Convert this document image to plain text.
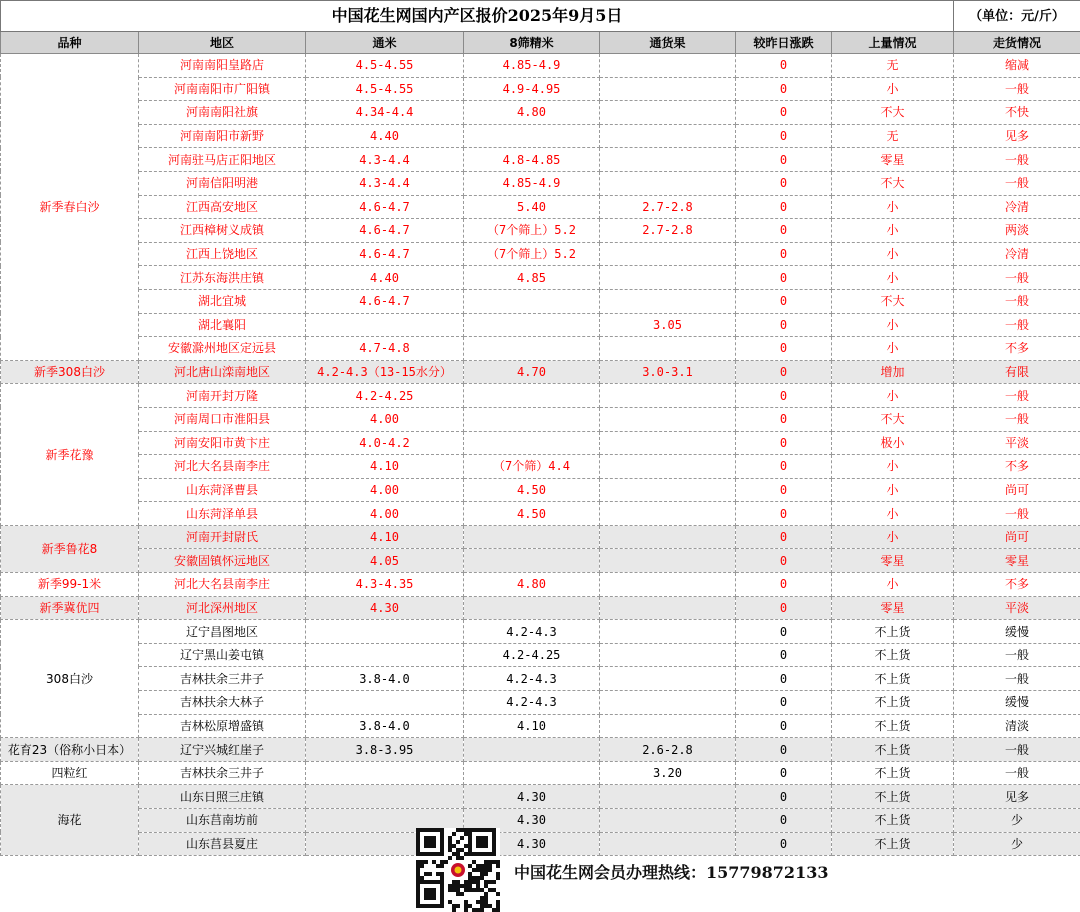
中国花生网国内产区报价2025年9月5日							（单位：元/斤）
品种	地区	通米	8筛精米	通货果	较昨日涨跌	上量情况	走货情况
新季春白沙	河南南阳皇路店	4.5-4.55	4.85-4.9		0	无	缩减
	河南南阳市广阳镇	4.5-4.55	4.9-4.95		0	小	一般
	河南南阳社旗	4.34-4.4	4.80		0	不大	不快
	河南南阳市新野	4.40			0	无	见多
	河南驻马店正阳地区	4.3-4.4	4.8-4.85		0	零星	一般
	河南信阳明港	4.3-4.4	4.85-4.9		0	不大	一般
	江西高安地区	4.6-4.7	5.40	2.7-2.8	0	小	冷清
	江西樟树义成镇	4.6-4.7	（7个筛上）5.2	2.7-2.8	0	小	两淡
	江西上饶地区	4.6-4.7	（7个筛上）5.2		0	小	冷清
	江苏东海洪庄镇	4.40	4.85		0	小	一般
	湖北宜城	4.6-4.7			0	不大	一般
	湖北襄阳			3.05	0	小	一般
	安徽滁州地区定远县	4.7-4.8			0	小	不多
新季308白沙	河北唐山滦南地区	4.2-4.3（13-15水分）	4.70	3.0-3.1	0	增加	有限
新季花豫	河南开封万隆	4.2-4.25			0	小	一般
	河南周口市淮阳县	4.00			0	不大	一般
	河南安阳市黄卞庄	4.0-4.2			0	极小	平淡
	河北大名县南李庄	4.10	（7个筛）4.4		0	小	不多
	山东菏泽曹县	4.00	4.50		0	小	尚可
	山东菏泽单县	4.00	4.50		0	小	一般
新季鲁花8	河南开封尉氏	4.10			0	小	尚可
	安徽固镇怀远地区	4.05			0	零星	零星
新季99-1米	河北大名县南李庄	4.3-4.35	4.80		0	小	不多
新季冀优四	河北深州地区	4.30			0	零星	平淡
308白沙	辽宁昌图地区		4.2-4.3		0	不上货	缓慢
	辽宁黑山姜屯镇		4.2-4.25		0	不上货	一般
	吉林扶余三井子	3.8-4.0	4.2-4.3		0	不上货	一般
	吉林扶余大林子		4.2-4.3		0	不上货	缓慢
	吉林松原增盛镇	3.8-4.0	4.10		0	不上货	清淡
花育23（俗称小日本）	辽宁兴城红崖子	3.8-3.95		2.6-2.8	0	不上货	一般
四粒红	吉林扶余三井子			3.20	0	不上货	一般
海花	山东日照三庄镇		4.30		0	不上货	见多
	山东莒南坊前		4.30		0	不上货	少
	山东莒县夏庄		4.30		0	不上货	少
中国花生网会员办理热线：15779872133
